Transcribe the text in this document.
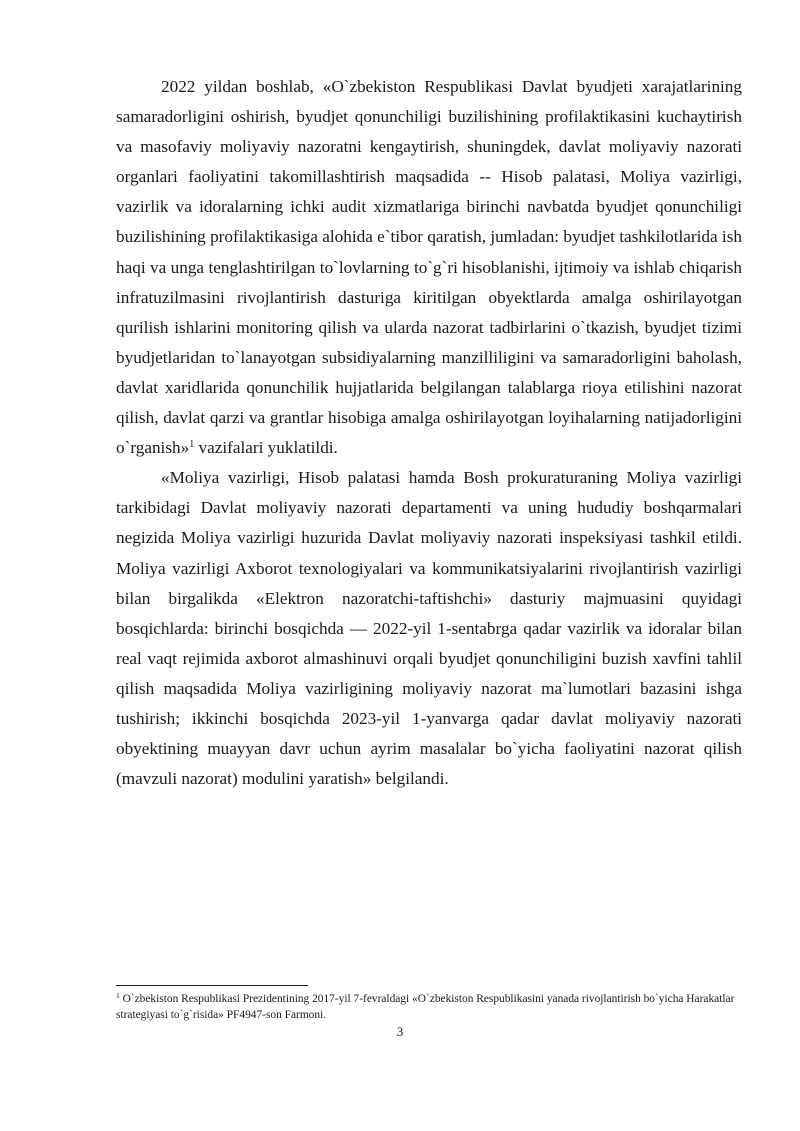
2022 yildan boshlab, «O`zbekiston Respublikasi Davlat byudjeti xarajatlarining samaradorligini oshirish, byudjet qonunchiligi buzilishining profilaktikasini kuchaytirish va masofaviy moliyaviy nazoratni kengaytirish, shuningdek, davlat moliyaviy nazorati organlari faoliyatini takomillashtirish maqsadida -- Hisob palatasi, Moliya vazirligi, vazirlik va idoralarning ichki audit xizmatlariga birinchi navbatda byudjet qonunchiligi buzilishining profilaktikasiga alohida e`tibor qaratish, jumladan: byudjet tashkilotlarida ish haqi va unga tenglashtirilgan to`lovlarning to`g`ri hisoblanishi, ijtimoiy va ishlab chiqarish infratuzilmasini rivojlantirish dasturiga kiritilgan obyektlarda amalga oshirilayotgan qurilish ishlarini monitoring qilish va ularda nazorat tadbirlarini o`tkazish, byudjet tizimi byudjetlaridan to`lanayotgan subsidiyalarning manzilliligini va samaradorligini baholash, davlat xaridlarida qonunchilik hujjatlarida belgilangan talablarga rioya etilishini nazorat qilish, davlat qarzi va grantlar hisobiga amalga oshirilayotgan loyihalarning natijadorligini o`rganish»$^1$ vazifalari yuklatildi.

«Moliya vazirligi, Hisob palatasi hamda Bosh prokuraturaning Moliya vazirligi tarkibidagi Davlat moliyaviy nazorati departamenti va uning hududiy boshqarmalari negizida Moliya vazirligi huzurida Davlat moliyaviy nazorati inspeksiyasi tashkil etildi. Moliya vazirligi Axborot texnologiyalari va kommunikatsiyalarini rivojlantirish vazirligi bilan birgalikda «Elektron nazoratchi-taftishchi» dasturiy majmuasini quyidagi bosqichlarda: birinchi bosqichda — 2022-yil 1-sentabrga qadar vazirlik va idoralar bilan real vaqt rejimida axborot almashinuvi orqali byudjet qonunchiligini buzish xavfini tahlil qilish maqsadida Moliya vazirligining moliyaviy nazorat ma`lumotlari bazasini ishga tushirish; ikkinchi bosqichda 2023-yil 1-yanvarga qadar davlat moliyaviy nazorati obyektining muayyan davr uchun ayrim masalalar bo`yicha faoliyatini nazorat qilish (mavzuli nazorat) modulini yaratish» belgilandi.

$^1$ O`zbekiston Respublikasi Prezidentining 2017-yil 7-fevraldagi «O`zbekiston Respublikasini yanada rivojlantirish bo`yicha Harakatlar strategiyasi to`g`risida» PF4947-son Farmoni.

3
